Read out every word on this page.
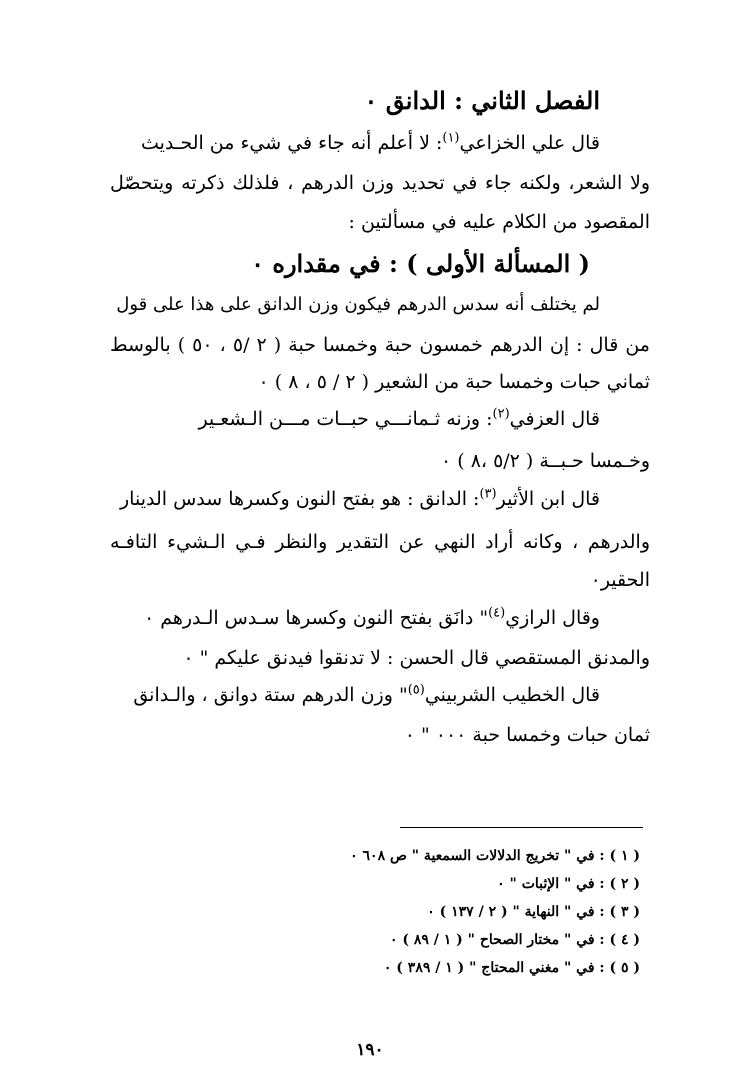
الفصل الثاني : الدانق ٠
قال علي الخزاعي$^{(١)}$: لا أعلم أنه جاء في شيء من الحـديث
ولا الشعر، ولكنه جاء في تحديد وزن الدرهم ، فلذلك ذكرته ويتحصّل
المقصود من الكلام عليه في مسألتين :
( المسألة الأولى ) : في مقداره ٠
لم يختلف أنه سدس الدرهم فيكون وزن الدانق على هذا على قول
من قال : إن الدرهم خمسون حبة وخمسا حبة ( ٢ /٥ ، ٥٠ ) بالوسط
ثماني حبات وخمسا حبة من الشعير ( ٢ / ٥ ، ٨ ) ٠
قال العزفي$^{(٢)}$: وزنه ثـمانـــي حبــات مـــن الـشعـير
وخـمسا حـبــة ( ٥/٢ ،٨ ) ٠
قال ابن الأثير$^{(٣)}$: الدانق : هو بفتح النون وكسرها سدس الدينار
والدرهم ، وكانه أراد النهي عن التقدير والنظر فـي الـشيء التافـه
الحقير٠
وقال الرازي$^{(٤)}$" دانَق بفتح النون وكسرها سـدس الـدرهم ٠
والمدنق المستقصي قال الحسن : لا تدنقوا فيدنق عليكم " ٠
قال الخطيب الشربيني$^{(٥)}$" وزن الدرهم ستة دوانق ، والـدانق
ثمان حبات وخمسا حبة ٠٠٠ " ٠
( ١ ) : في " تخريج الدلالات السمعية " ص ٦٠٨ ٠
( ٢ ) : في " الإثبات " ٠
( ٣ ) : في " النهاية " ( ٢ / ١٣٧ ) ٠
( ٤ ) : في " مختار الصحاح " ( ١ / ٨٩ ) ٠
( ٥ ) : في " مغني المحتاج " ( ١ / ٣٨٩ ) ٠
١٩٠
